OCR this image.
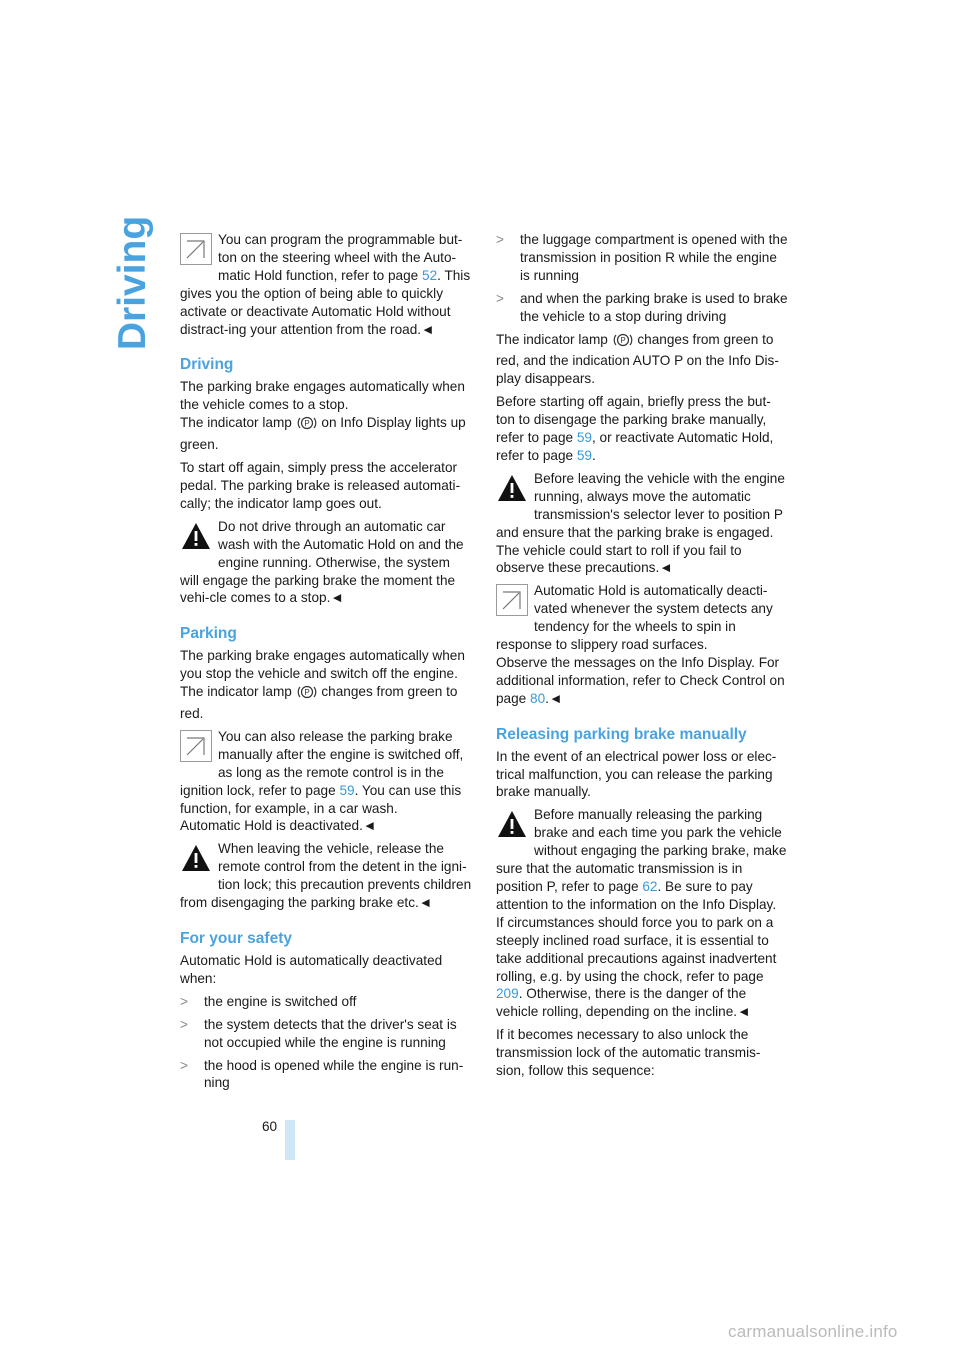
Driving	You can program the programmable but- ton on the steering wheel with the Auto-matic Hold function, refer to page 52. This gives you the option of being able to quickly activate or deactivate Automatic Hold without distract-ing your attention from the road.◄
Driving

The parking brake engages automatically when the vehicle comes to a stop.
The indicator lamp P on Info Display lights up green.

To start off again, simply press the accelerator pedal. The parking brake is released automati-cally; the indicator lamp goes out.

Do not drive through an automatic car wash with the Automatic Hold on and the engine running. Otherwise, the system will engage the parking brake the moment the vehi-cle comes to a stop.◄
Parking

The parking brake engages automatically when you stop the vehicle and switch off the engine.
The indicator lamp P changes from green to red.

You can also release the parking brake manually after the engine is switched off, as long as the remote control is in the ignition lock, refer to page 59. You can use this function, for example, in a car wash.
Automatic Hold is deactivated.◄
When leaving the vehicle, release the remote control from the detent in the igni-tion lock; this precaution prevents children from disengaging the parking brake etc.◄
For your safety

Automatic Hold is automatically deactivated when:

> the engine is switched off
> the system detects that the driver's seat is not occupied while the engine is running
> the hood is opened while the engine is run-ning
> the luggage compartment is opened with the transmission in position R while the engine is running
> and when the parking brake is used to brake the vehicle to a stop during driving

The indicator lamp P changes from green to red, and the indication AUTO P on the Info Dis-play disappears.

Before starting off again, briefly press the but-ton to disengage the parking brake manually, refer to page 59, or reactivate Automatic Hold, refer to page 59.

Before leaving the vehicle with the engine running, always move the automatic transmission's selector lever to position P and ensure that the parking brake is engaged. The vehicle could start to roll if you fail to observe these precautions.◄
Automatic Hold is automatically deacti-vated whenever the system detects any tendency for the wheels to spin in response to slippery road surfaces.
Observe the messages on the Info Display. For additional information, refer to Check Control on page 80.◄
Releasing parking brake manually

In the event of an electrical power loss or elec-trical malfunction, you can release the parking brake manually.

Before manually releasing the parking brake and each time you park the vehicle without engaging the parking brake, make sure that the automatic transmission is in position P, refer to page 62. Be sure to pay attention to the information on the Info Display.
If circumstances should force you to park on a steeply inclined road surface, it is essential to take additional precautions against inadvertent rolling, e.g. by using the chock, refer to page 209. Otherwise, there is the danger of the vehicle rolling, depending on the incline.◄

If it becomes necessary to also unlock the transmission lock of the automatic transmis-sion, follow this sequence:

60
carmanualsonline.info
